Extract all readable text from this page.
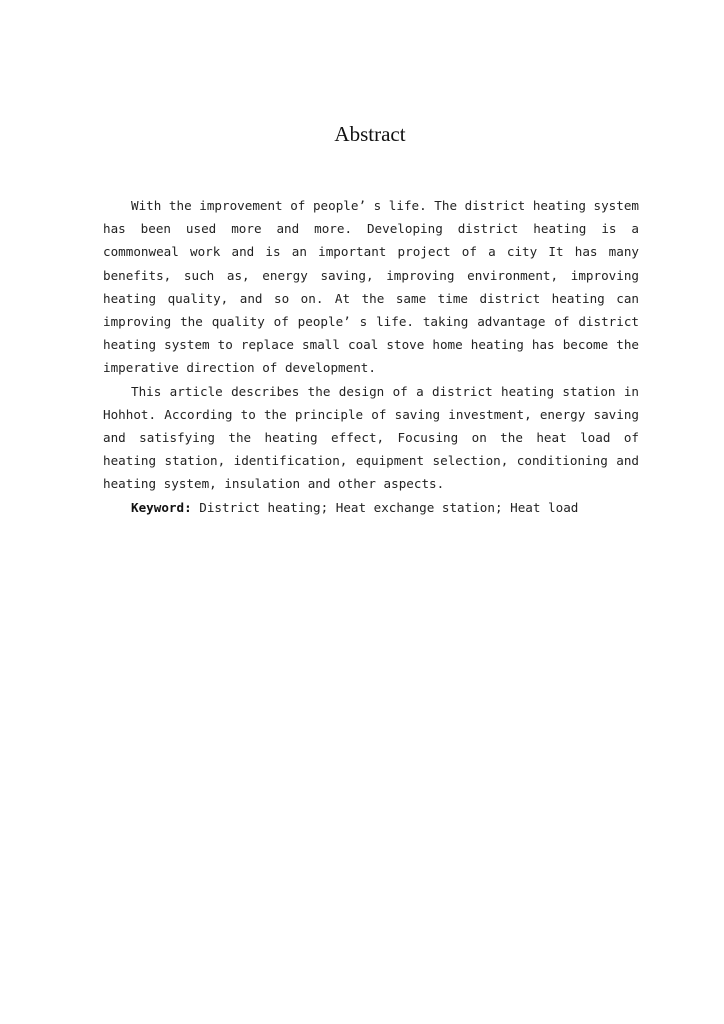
Abstract

With the improvement of people’ s life. The district heating system has been used more and more. Developing district heating is a commonweal work and is an important project of a city It has many benefits, such as, energy saving, improving environment, improving heating quality, and so on. At the same time district heating can improving the quality of people’ s life. taking advantage of district heating system to replace small coal stove home heating has become the imperative direction of development.

This article describes the design of a district heating station in Hohhot. According to the principle of saving investment, energy saving and satisfying the heating effect, Focusing on the heat load of heating station, identification, equipment selection, conditioning and heating system, insulation and other aspects.

Keyword: District heating; Heat exchange station; Heat load
